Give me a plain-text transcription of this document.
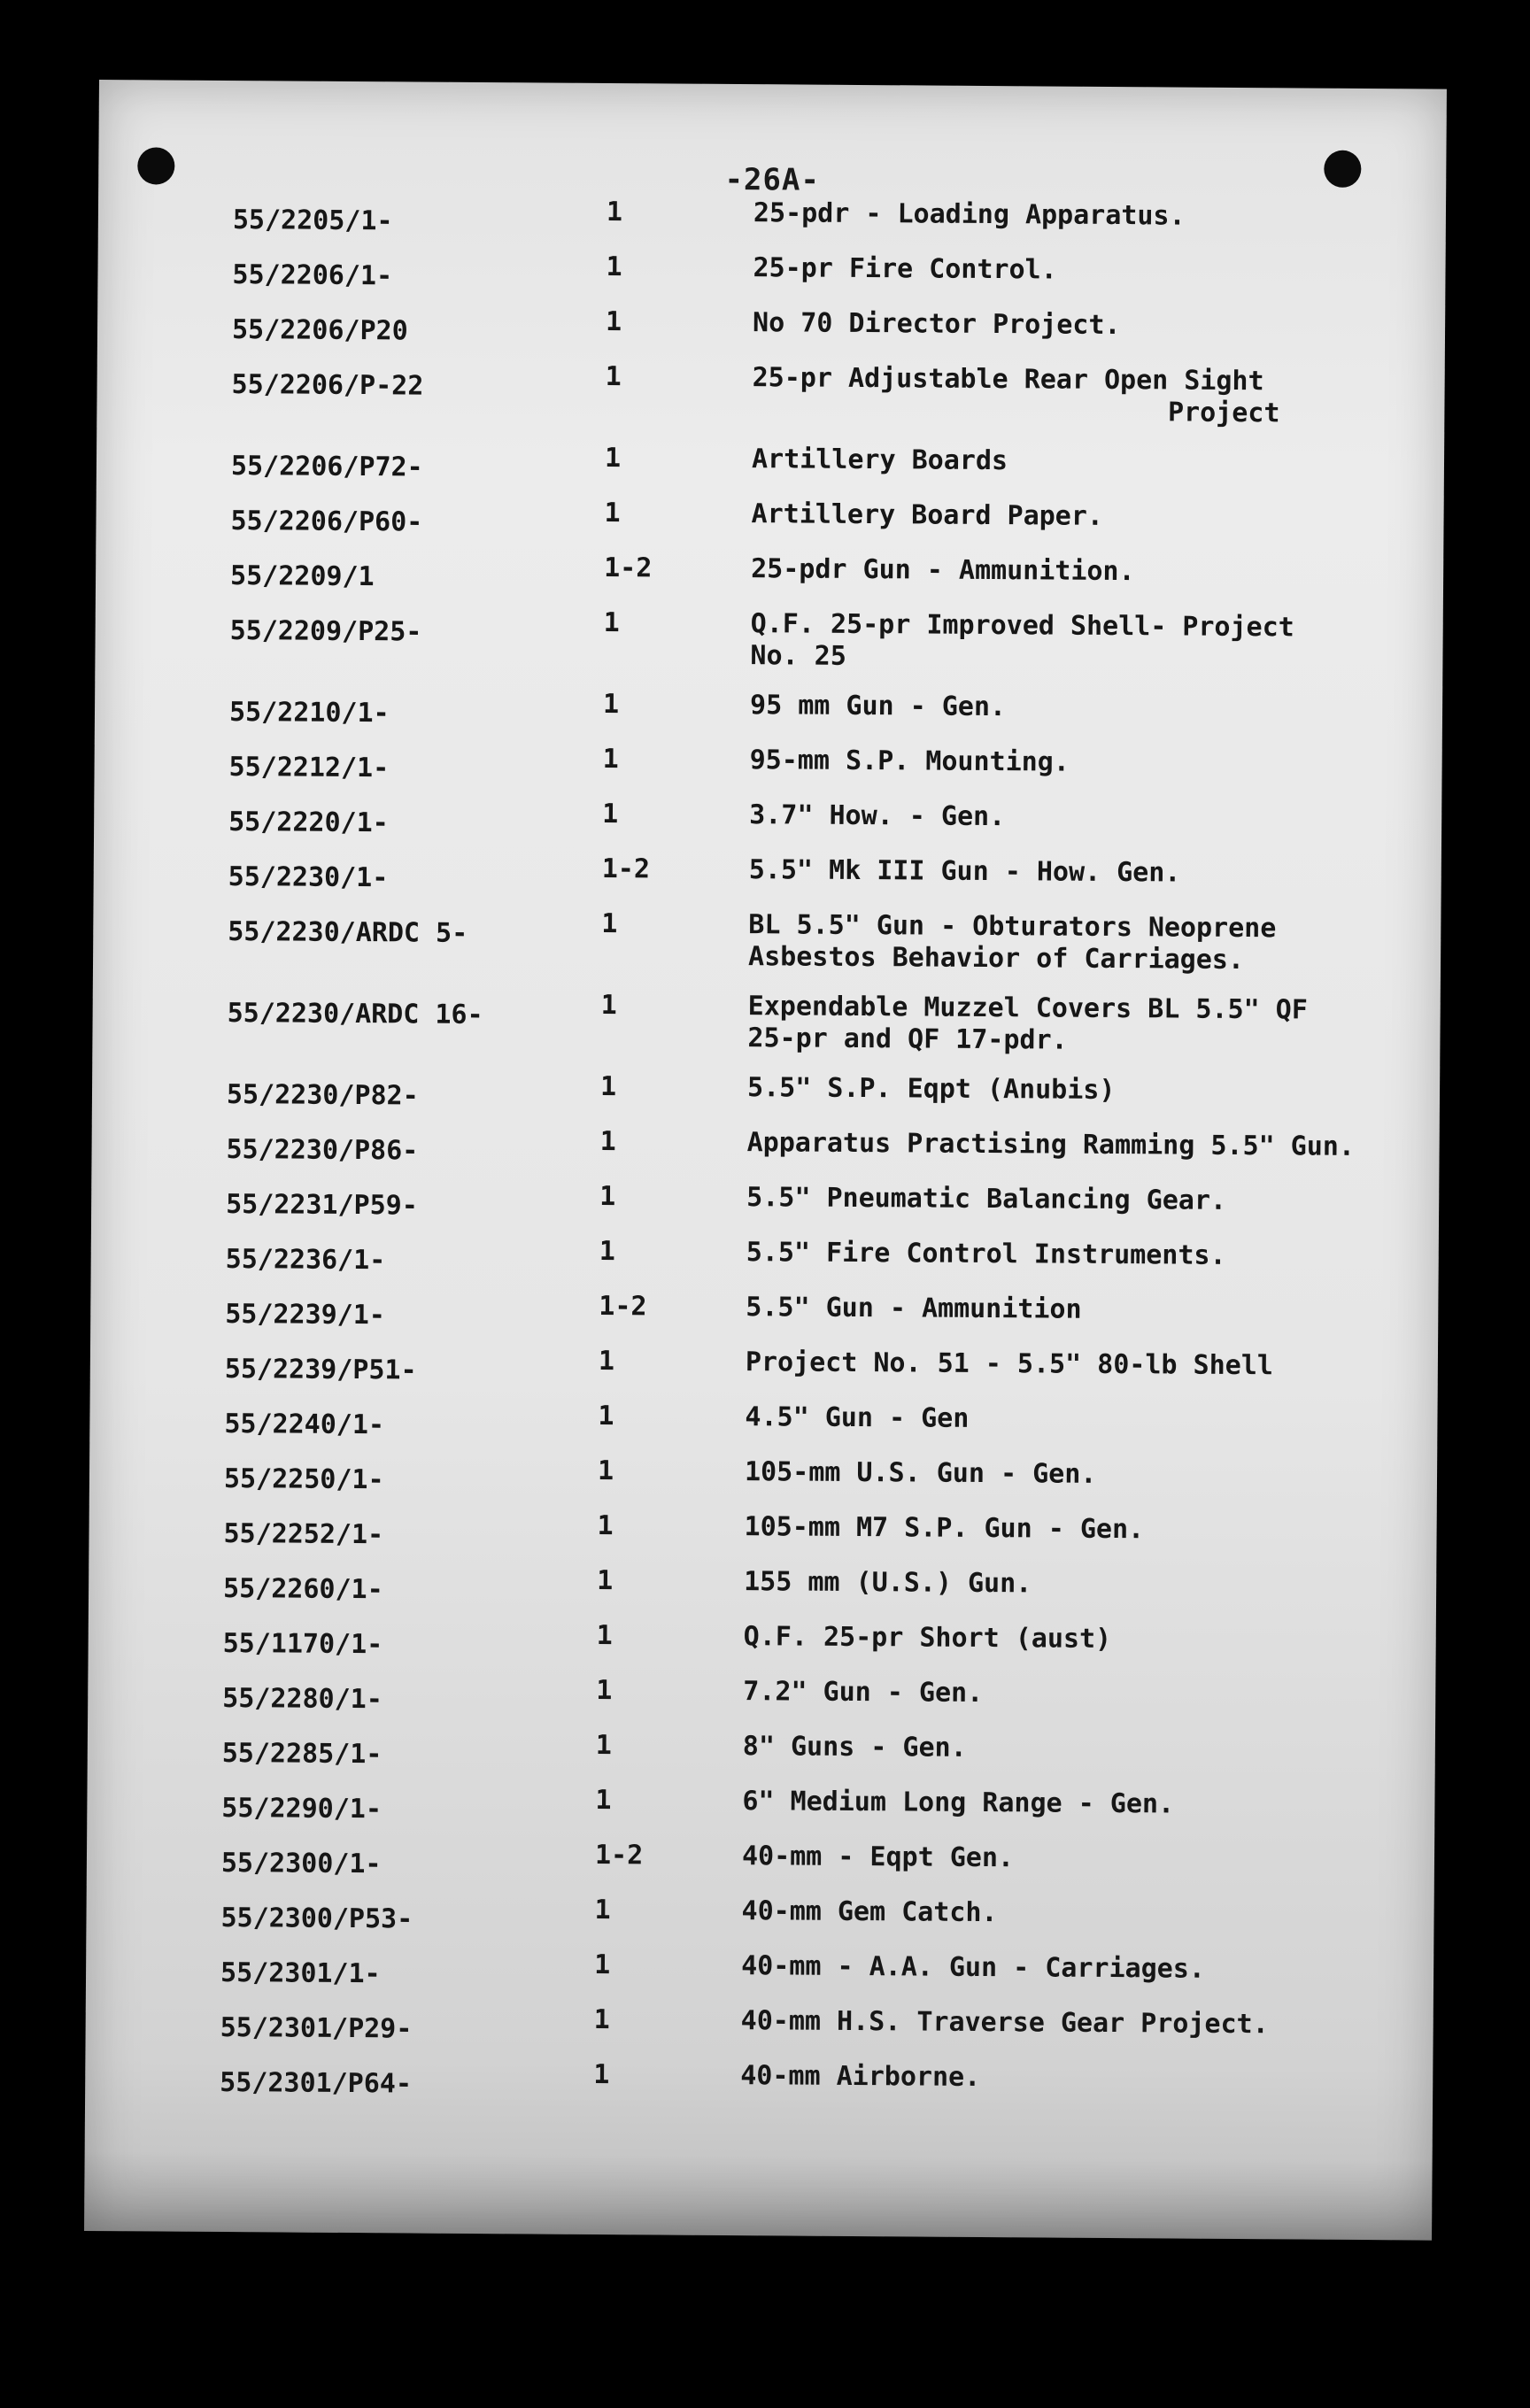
-26A-
55/2205/1-	1	25-pdr - Loading Apparatus.
55/2206/1-	1	25-pr Fire Control.
55/2206/P20	1	No 70 Director Project.
55/2206/P-22	1	25-pr Adjustable Rear Open Sight
Project
55/2206/P72-	1	Artillery Boards
55/2206/P60-	1	Artillery Board Paper.
55/2209/1	1-2	25-pdr Gun - Ammunition.
55/2209/P25-	1	Q.F. 25-pr Improved Shell- Project
No. 25
55/2210/1-	1	95 mm Gun - Gen.
55/2212/1-	1	95-mm S.P. Mounting.
55/2220/1-	1	3.7" How. - Gen.
55/2230/1-	1-2	5.5" Mk III Gun - How. Gen.
55/2230/ARDC 5-	1	BL 5.5" Gun - Obturators Neoprene
Asbestos Behavior of Carriages.
55/2230/ARDC 16-	1	Expendable Muzzel Covers BL 5.5" QF
25-pr and QF 17-pdr.
55/2230/P82-	1	5.5" S.P. Eqpt (Anubis)
55/2230/P86-	1	Apparatus Practising Ramming 5.5" Gun.
55/2231/P59-	1	5.5" Pneumatic Balancing Gear.
55/2236/1-	1	5.5" Fire Control Instruments.
55/2239/1-	1-2	5.5" Gun - Ammunition
55/2239/P51-	1	Project No. 51 - 5.5" 80-lb Shell
55/2240/1-	1	4.5" Gun - Gen
55/2250/1-	1	105-mm U.S. Gun - Gen.
55/2252/1-	1	105-mm M7 S.P. Gun - Gen.
55/2260/1-	1	155 mm (U.S.) Gun.
55/1170/1-	1	Q.F. 25-pr Short (aust)
55/2280/1-	1	7.2" Gun - Gen.
55/2285/1-	1	8" Guns - Gen.
55/2290/1-	1	6" Medium Long Range - Gen.
55/2300/1-	1-2	40-mm - Eqpt Gen.
55/2300/P53-	1	40-mm Gem Catch.
55/2301/1-	1	40-mm - A.A. Gun - Carriages.
55/2301/P29-	1	40-mm H.S. Traverse Gear Project.
55/2301/P64-	1	40-mm Airborne.
